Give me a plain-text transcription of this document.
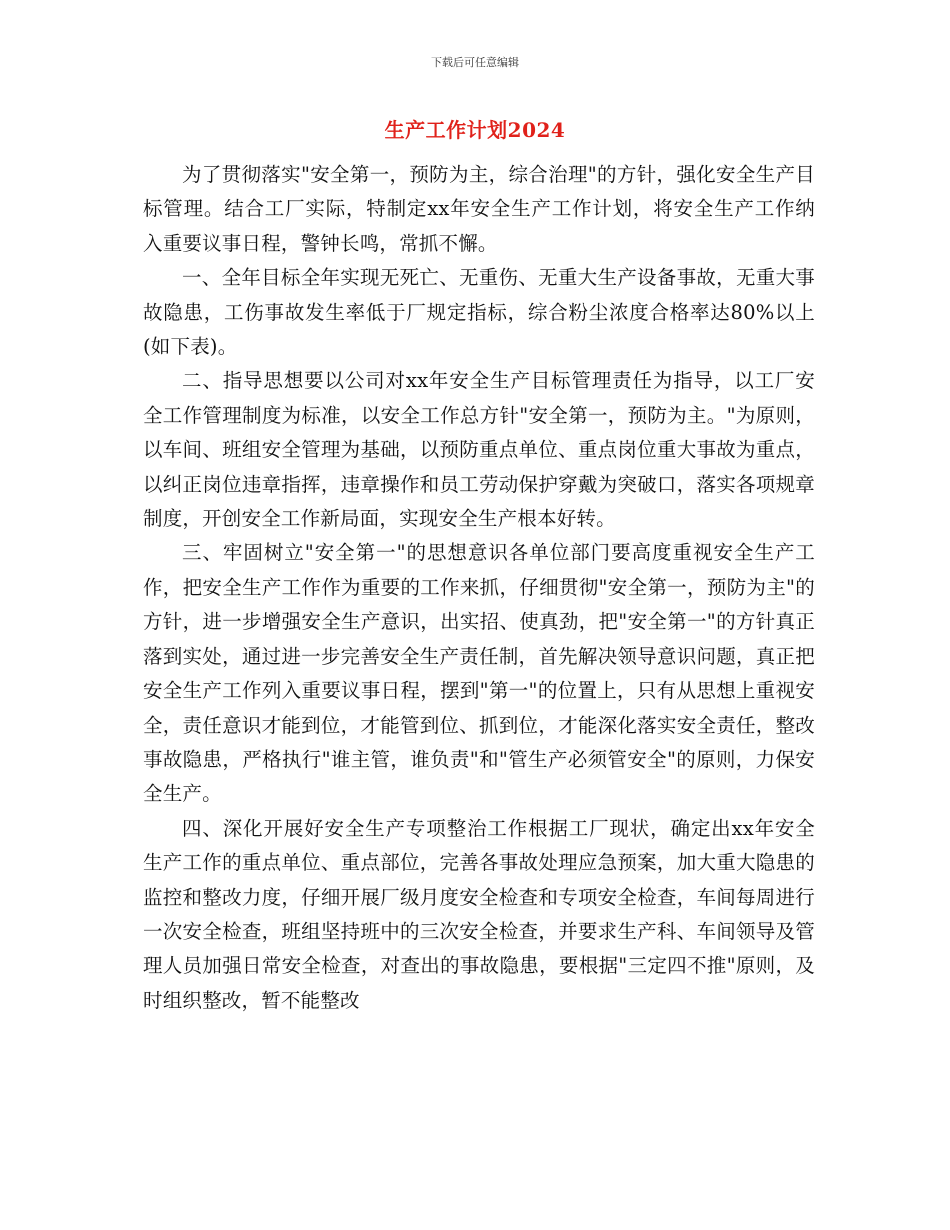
下载后可任意编辑
生产工作计划2024

为了贯彻落实"安全第一，预防为主，综合治理"的方针，强化安全生产目标管理。结合工厂实际，特制定xx年安全生产工作计划，将安全生产工作纳入重要议事日程，警钟长鸣，常抓不懈。

一、全年目标全年实现无死亡、无重伤、无重大生产设备事故，无重大事故隐患，工伤事故发生率低于厂规定指标，综合粉尘浓度合格率达80%以上(如下表)。

二、指导思想要以公司对xx年安全生产目标管理责任为指导，以工厂安全工作管理制度为标准，以安全工作总方针"安全第一，预防为主。"为原则，以车间、班组安全管理为基础，以预防重点单位、重点岗位重大事故为重点，以纠正岗位违章指挥，违章操作和员工劳动保护穿戴为突破口，落实各项规章制度，开创安全工作新局面，实现安全生产根本好转。

三、牢固树立"安全第一"的思想意识各单位部门要高度重视安全生产工作，把安全生产工作作为重要的工作来抓，仔细贯彻"安全第一，预防为主"的方针，进一步增强安全生产意识，出实招、使真劲，把"安全第一"的方针真正落到实处，通过进一步完善安全生产责任制，首先解决领导意识问题，真正把安全生产工作列入重要议事日程，摆到"第一"的位置上，只有从思想上重视安全，责任意识才能到位，才能管到位、抓到位，才能深化落实安全责任，整改事故隐患，严格执行"谁主管，谁负责"和"管生产必须管安全"的原则，力保安全生产。

四、深化开展好安全生产专项整治工作根据工厂现状，确定出xx年安全生产工作的重点单位、重点部位，完善各事故处理应急预案，加大重大隐患的监控和整改力度，仔细开展厂级月度安全检查和专项安全检查，车间每周进行一次安全检查，班组坚持班中的三次安全检查，并要求生产科、车间领导及管理人员加强日常安全检查，对查出的事故隐患，要根据"三定四不推"原则，及时组织整改，暂不能整改
